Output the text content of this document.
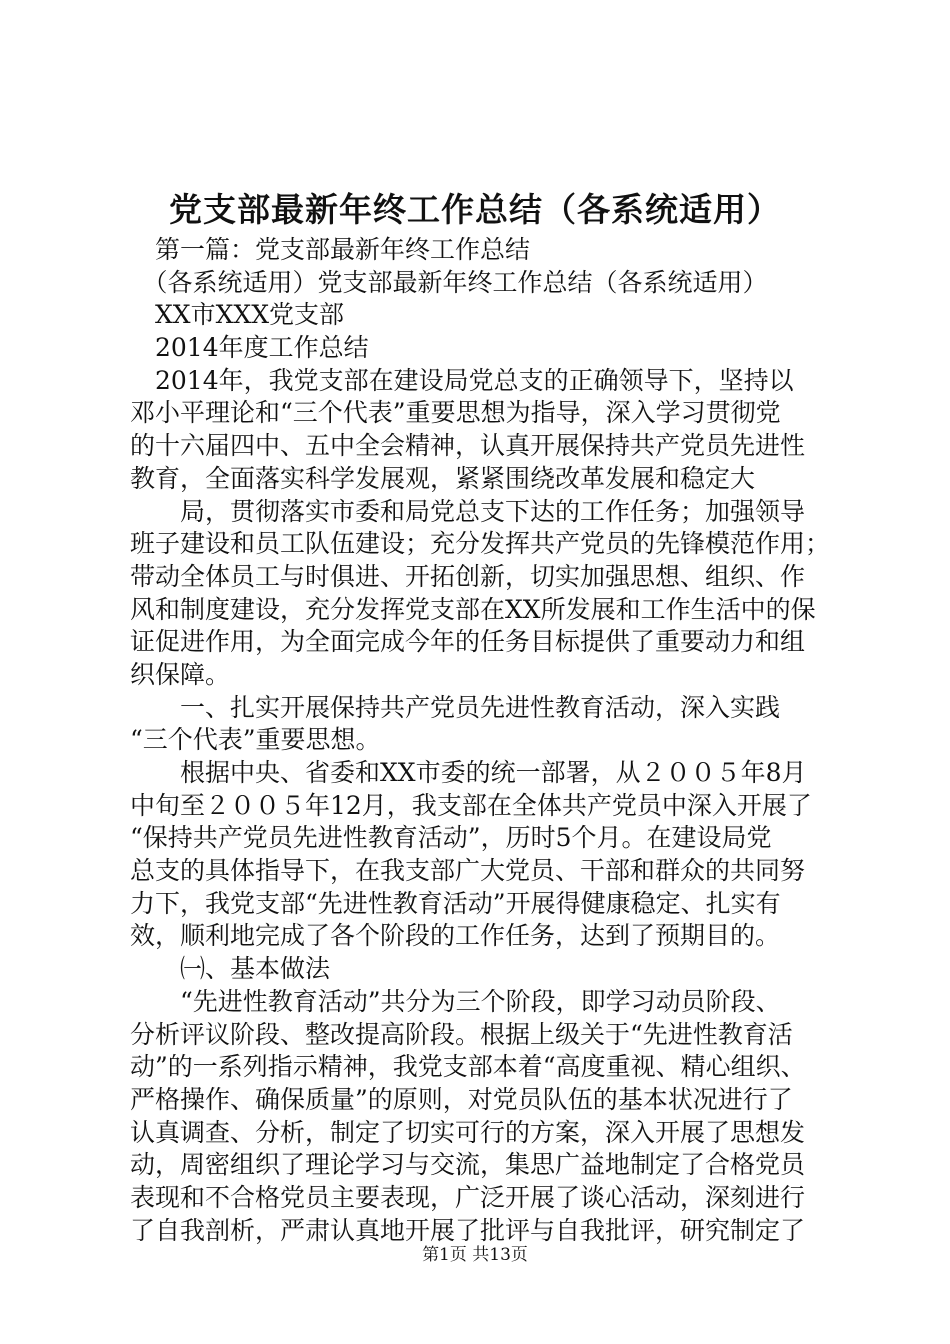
党支部最新年终工作总结（各系统适用）
　第一篇：党支部最新年终工作总结
　（各系统适用）党支部最新年终工作总结（各系统适用）
　XX市XXX党支部
　2014年度工作总结
　2014年，我党支部在建设局党总支的正确领导下，坚持以
邓小平理论和“三个代表”重要思想为指导，深入学习贯彻党
的十六届四中、五中全会精神，认真开展保持共产党员先进性
教育，全面落实科学发展观，紧紧围绕改革发展和稳定大
　　局，贯彻落实市委和局党总支下达的工作任务；加强领导
班子建设和员工队伍建设；充分发挥共产党员的先锋模范作用；
带动全体员工与时俱进、开拓创新，切实加强思想、组织、作
风和制度建设，充分发挥党支部在XX所发展和工作生活中的保
证促进作用，为全面完成今年的任务目标提供了重要动力和组
织保障。
　　一、扎实开展保持共产党员先进性教育活动，深入实践
“三个代表”重要思想。
　　根据中央、省委和XX市委的统一部署，从２００５年8月
中旬至２００５年12月，我支部在全体共产党员中深入开展了
“保持共产党员先进性教育活动”，历时5个月。在建设局党
总支的具体指导下，在我支部广大党员、干部和群众的共同努
力下，我党支部“先进性教育活动”开展得健康稳定、扎实有
效，顺利地完成了各个阶段的工作任务，达到了预期目的。
　　㈠、基本做法
　　“先进性教育活动”共分为三个阶段，即学习动员阶段、
分析评议阶段、整改提高阶段。根据上级关于“先进性教育活
动”的一系列指示精神，我党支部本着“高度重视、精心组织、
严格操作、确保质量”的原则，对党员队伍的基本状况进行了
认真调查、分析，制定了切实可行的方案，深入开展了思想发
动，周密组织了理论学习与交流，集思广益地制定了合格党员
表现和不合格党员主要表现，广泛开展了谈心活动，深刻进行
了自我剖析，严肃认真地开展了批评与自我批评，研究制定了
第1页 共13页
